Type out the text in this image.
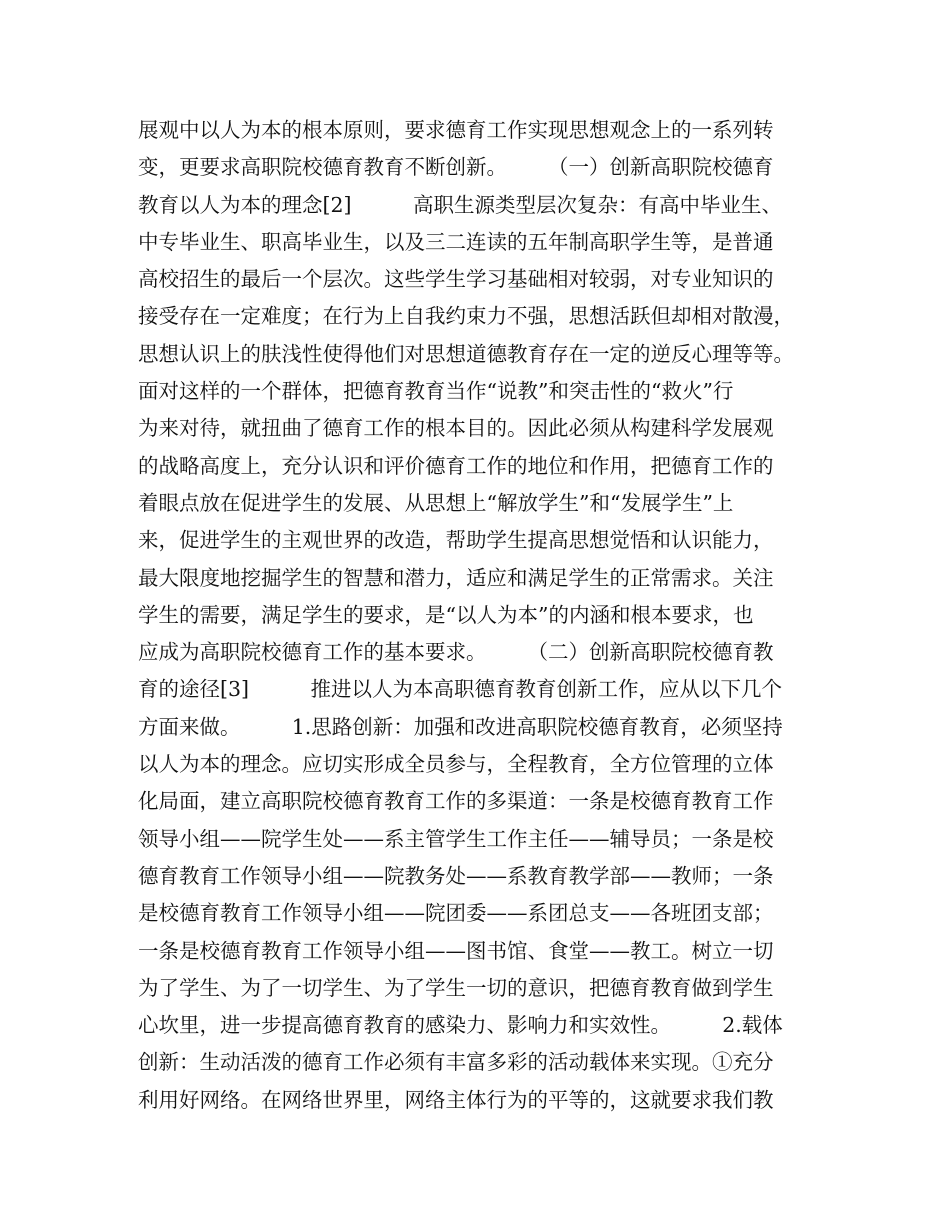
展观中以人为本的根本原则，要求德育工作实现思想观念上的一系列转
变，更要求高职院校德育教育不断创新。　　　（一）创新高职院校德育
教育以人为本的理念[2]　　　高职生源类型层次复杂：有高中毕业生、
中专毕业生、职高毕业生，以及三二连读的五年制高职学生等，是普通
高校招生的最后一个层次。这些学生学习基础相对较弱，对专业知识的
接受存在一定难度；在行为上自我约束力不强，思想活跃但却相对散漫，
思想认识上的肤浅性使得他们对思想道德教育存在一定的逆反心理等等。
面对这样的一个群体，把德育教育当作“说教”和突击性的“救火”行
为来对待，就扭曲了德育工作的根本目的。因此必须从构建科学发展观
的战略高度上，充分认识和评价德育工作的地位和作用，把德育工作的
着眼点放在促进学生的发展、从思想上“解放学生”和“发展学生”上
来，促进学生的主观世界的改造，帮助学生提高思想觉悟和认识能力，
最大限度地挖掘学生的智慧和潜力，适应和满足学生的正常需求。关注
学生的需要，满足学生的要求，是“以人为本”的内涵和根本要求，也
应成为高职院校德育工作的基本要求。　　　（二）创新高职院校德育教
育的途径[3]　　　推进以人为本高职德育教育创新工作，应从以下几个
方面来做。　　　1.思路创新：加强和改进高职院校德育教育，必须坚持
以人为本的理念。应切实形成全员参与，全程教育，全方位管理的立体
化局面，建立高职院校德育教育工作的多渠道：一条是校德育教育工作
领导小组——院学生处——系主管学生工作主任——辅导员；一条是校
德育教育工作领导小组——院教务处——系教育教学部——教师；一条
是校德育教育工作领导小组——院团委——系团总支——各班团支部；
一条是校德育教育工作领导小组——图书馆、食堂——教工。树立一切
为了学生、为了一切学生、为了学生一切的意识，把德育教育做到学生
心坎里，进一步提高德育教育的感染力、影响力和实效性。　　　2.载体
创新：生动活泼的德育工作必须有丰富多彩的活动载体来实现。①充分
利用好网络。在网络世界里，网络主体行为的平等的，这就要求我们教
